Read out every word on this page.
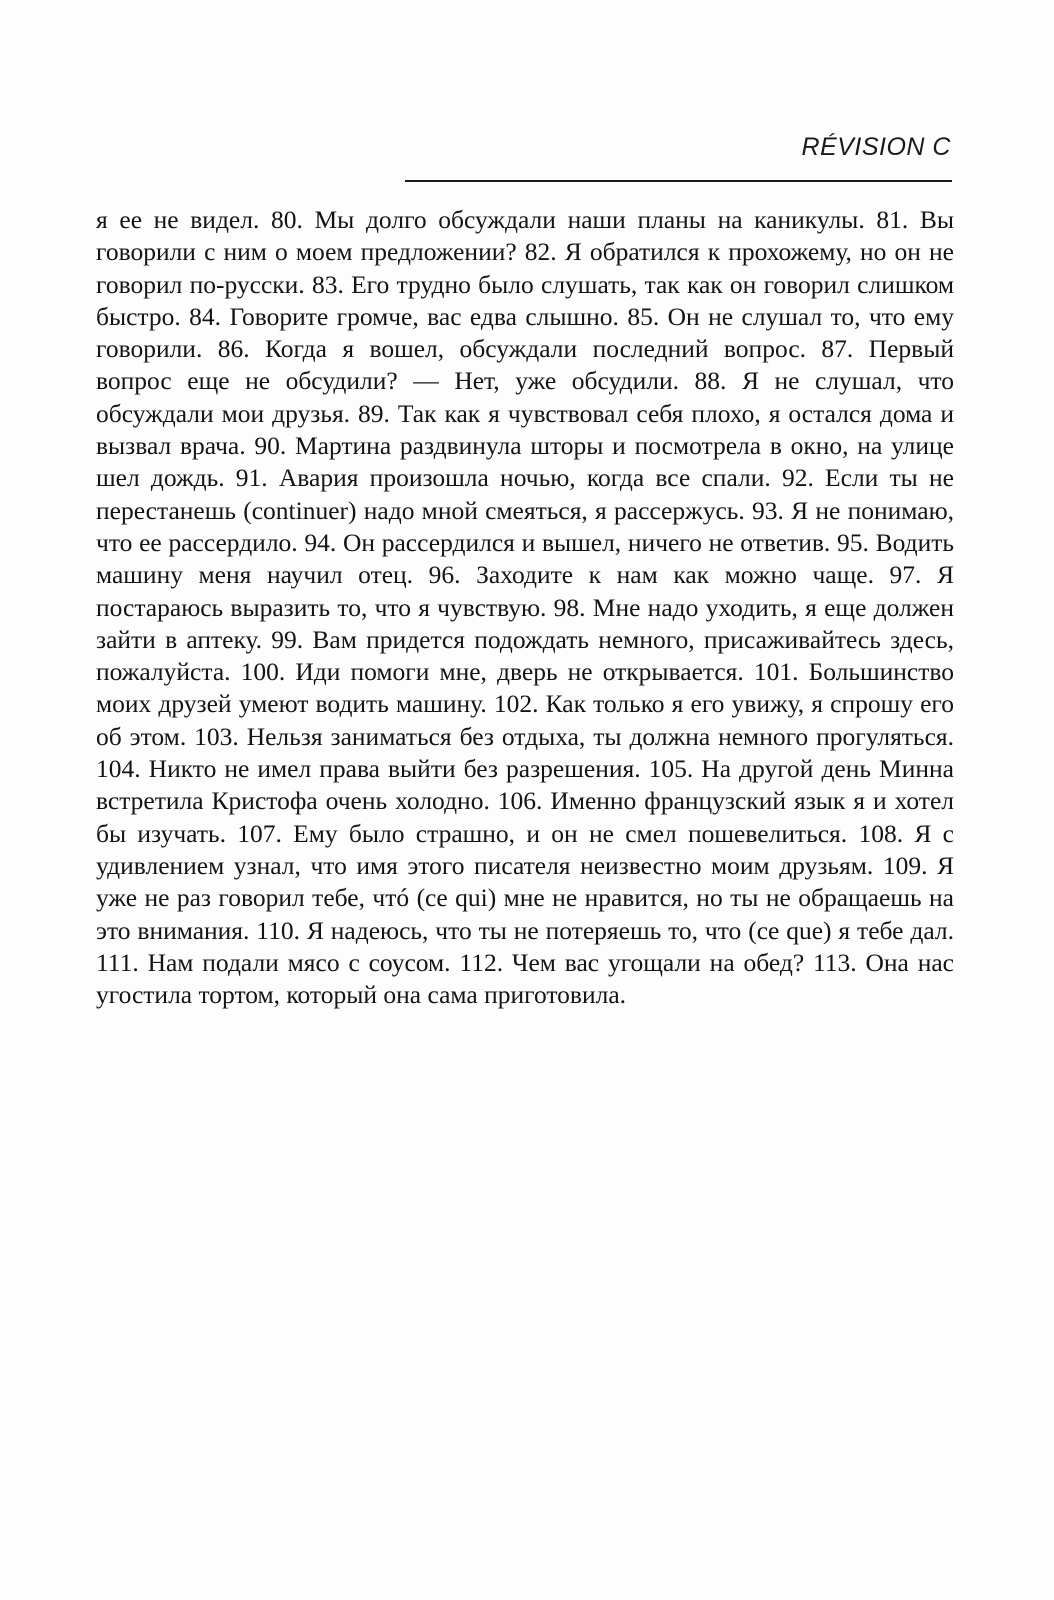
RÉVISION C

я ее не видел. 80. Мы долго обсуждали наши планы на каникулы. 81. Вы говорили с ним о моем предложении? 82. Я обратился к прохожему, но он не говорил по-русски. 83. Его трудно было слушать, так как он говорил слишком быстро. 84. Говорите громче, вас едва слышно. 85. Он не слушал то, что ему говорили. 86. Когда я вошел, обсуждали последний вопрос. 87. Первый вопрос еще не обсудили? — Нет, уже обсудили. 88. Я не слушал, что обсуждали мои друзья. 89. Так как я чувствовал себя плохо, я остался дома и вызвал врача. 90. Мартина раздвинула шторы и посмотрела в окно, на улице шел дождь. 91. Авария произошла ночью, когда все спали. 92. Если ты не перестанешь (continuer) надо мной смеяться, я рассержусь. 93. Я не понимаю, что ее рассердило. 94. Он рассердился и вышел, ничего не ответив. 95. Водить машину меня научил отец. 96. Заходите к нам как можно чаще. 97. Я постараюсь выразить то, что я чувствую. 98. Мне надо уходить, я еще должен зайти в аптеку. 99. Вам придется подождать немного, присаживайтесь здесь, пожалуйста. 100. Иди помоги мне, дверь не открывается. 101. Большинство моих друзей умеют водить машину. 102. Как только я его увижу, я спрошу его об этом. 103. Нельзя заниматься без отдыха, ты должна немного прогуляться. 104. Никто не имел права выйти без разрешения. 105. На другой день Минна встретила Кристофа очень холодно. 106. Именно французский язык я и хотел бы изучать. 107. Ему было страшно, и он не смел пошевелиться. 108. Я с удивлением узнал, что имя этого писателя неизвестно моим друзьям. 109. Я уже не раз говорил тебе, чтó (ce qui) мне не нравится, но ты не обращаешь на это внимания. 110. Я надеюсь, что ты не потеряешь то, что (ce que) я тебе дал. 111. Нам подали мясо с соусом. 112. Чем вас угощали на обед? 113. Она нас угостила тортом, который она сама приготовила.
